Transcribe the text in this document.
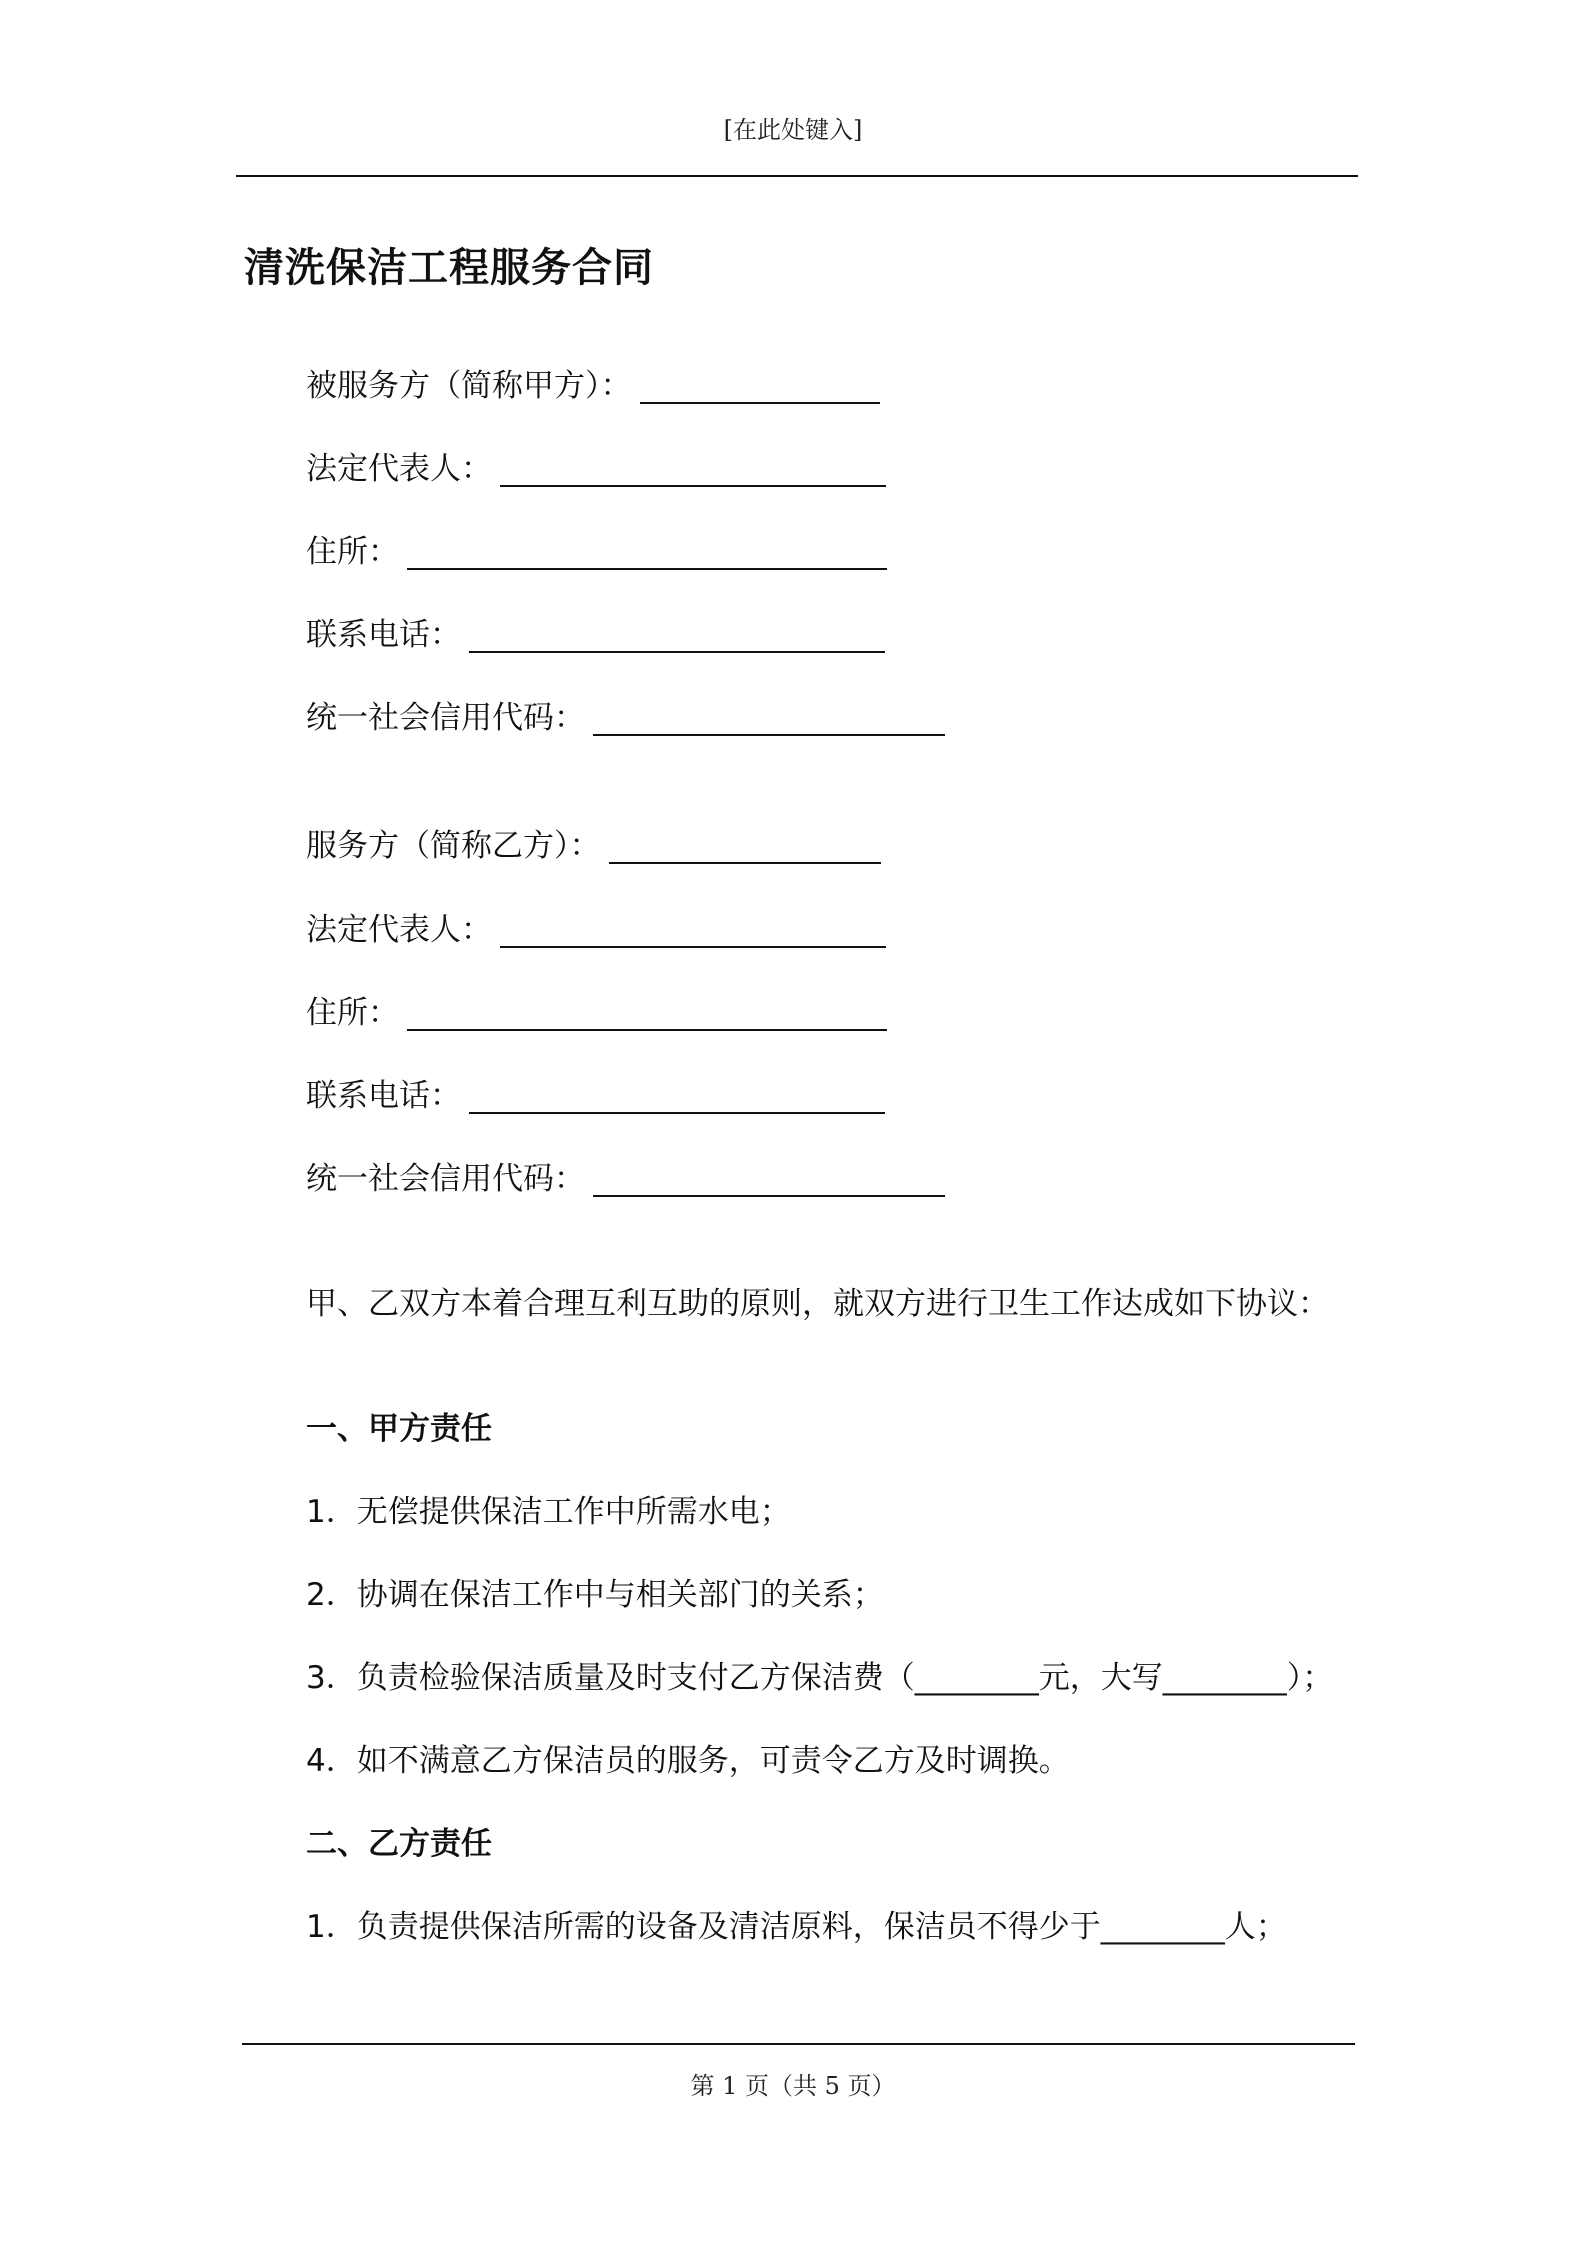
[在此处键入]
清洗保洁工程服务合同
被服务方（简称甲方）：
法定代表人：
住所：
联系电话：
统一社会信用代码：
服务方（简称乙方）：
法定代表人：
住所：
联系电话：
统一社会信用代码：
甲、乙双方本着合理互利互助的原则，就双方进行卫生工作达成如下协议：
一、甲方责任
1．无偿提供保洁工作中所需水电；
2．协调在保洁工作中与相关部门的关系；
3．负责检验保洁质量及时支付乙方保洁费（________元，大写________）；
4．如不满意乙方保洁员的服务，可责令乙方及时调换。
二、乙方责任
1．负责提供保洁所需的设备及清洁原料，保洁员不得少于________人；
第 1 页（共 5 页）
